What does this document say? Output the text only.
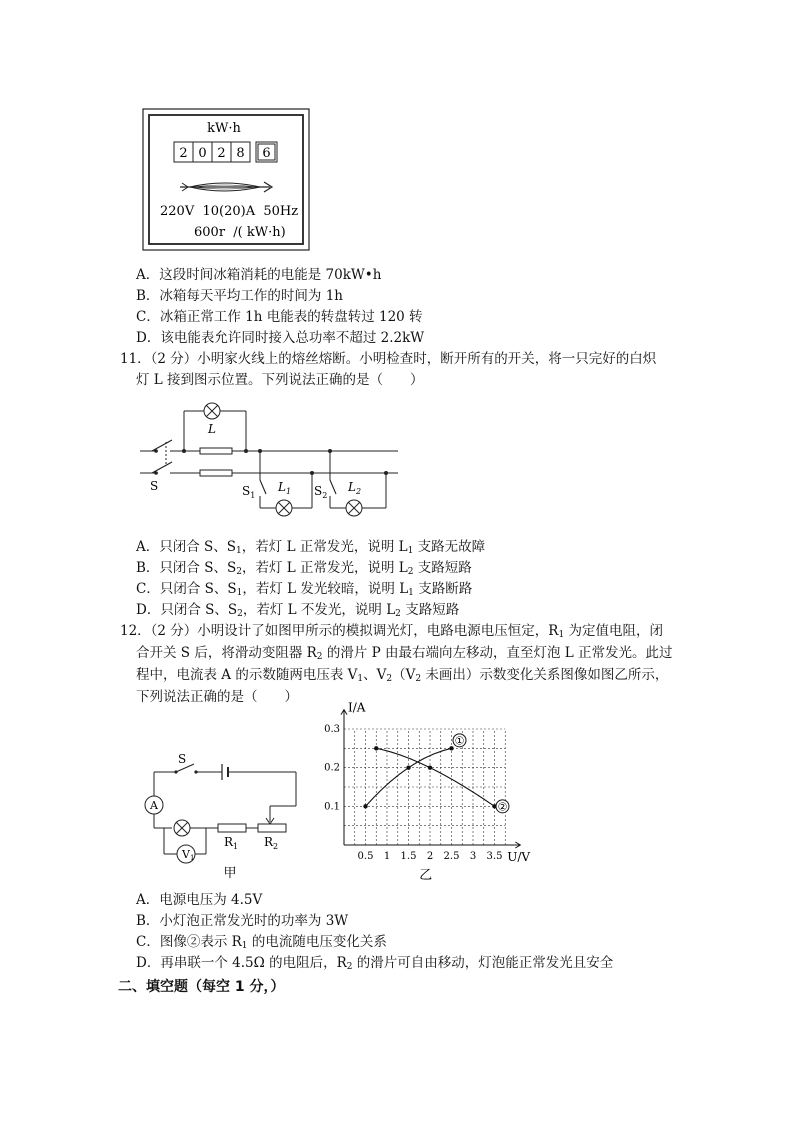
kW·h
2 0 2 8 6
220V  10(20)A  50Hz
600r  /( kW·h)
A．这段时间冰箱消耗的电能是 70kW•h
B．冰箱每天平均工作的时间为 1h
C．冰箱正常工作 1h 电能表的转盘转过 120 转
D．该电能表允许同时接入总功率不超过 2.2kW
11．（2 分）小明家火线上的熔丝熔断。小明检查时，断开所有的开关，将一只完好的白炽
灯 L 接到图示位置。下列说法正确的是（　　）
S
L
$S_1$
$L_1$ $S_2$
$L_2$
A．只闭合 S、$S_1$，若灯 L 正常发光，说明 $L_1$ 支路无故障
B．只闭合 S、$S_2$，若灯 L 正常发光，说明 $L_2$ 支路短路
C．只闭合 S、$S_1$，若灯 L 发光较暗，说明 $L_1$ 支路断路
D．只闭合 S、$S_2$，若灯 L 不发光，说明 $L_2$ 支路短路
12．（2 分）小明设计了如图甲所示的模拟调光灯，电路电源电压恒定，$R_1$ 为定值电阻，闭
合开关 S 后，将滑动变阻器 $R_2$ 的滑片 P 由最右端向左移动，直至灯泡 L 正常发光。此过
程中，电流表 A 的示数随两电压表 $V_1$、$V_2(V_2$ 未画出）示数变化关系图像如图乙所示，
下列说法正确的是（　　）
S
A
V1
$R_1$ $R_2$
甲
0.5 1 1.5 2 2.5 3 3.5
0.1
0.2
0.3
①
②
I/A
U/V
乙
A．电源电压为 4.5V
B．小灯泡正常发光时的功率为 3W
C．图像②表示 $R_1$ 的电流随电压变化关系
D．再串联一个 4.5Ω 的电阻后，$R_2$ 的滑片可自由移动，灯泡能正常发光且安全
二、填空题（每空 1 分，）
